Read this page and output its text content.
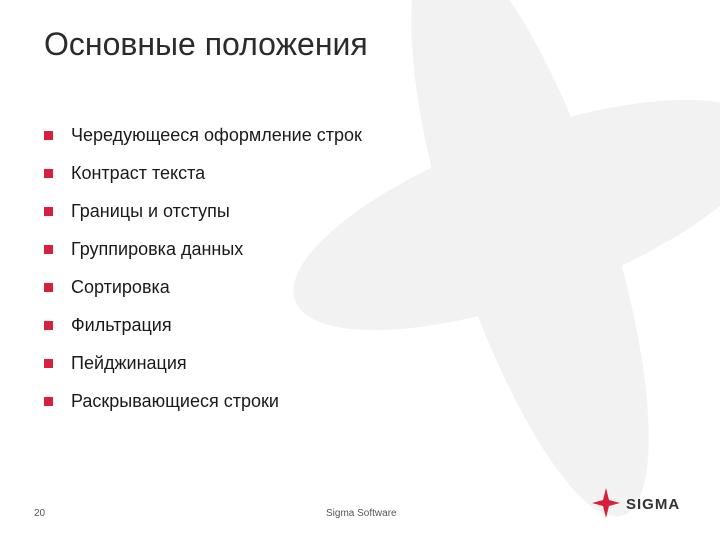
Основные положения
Чередующееся оформление строк
Контраст текста
Границы и отступы
Группировка данных
Сортировка
Фильтрация
Пейджинация
Раскрывающиеся строки
20	Sigma Software
SIGMA
